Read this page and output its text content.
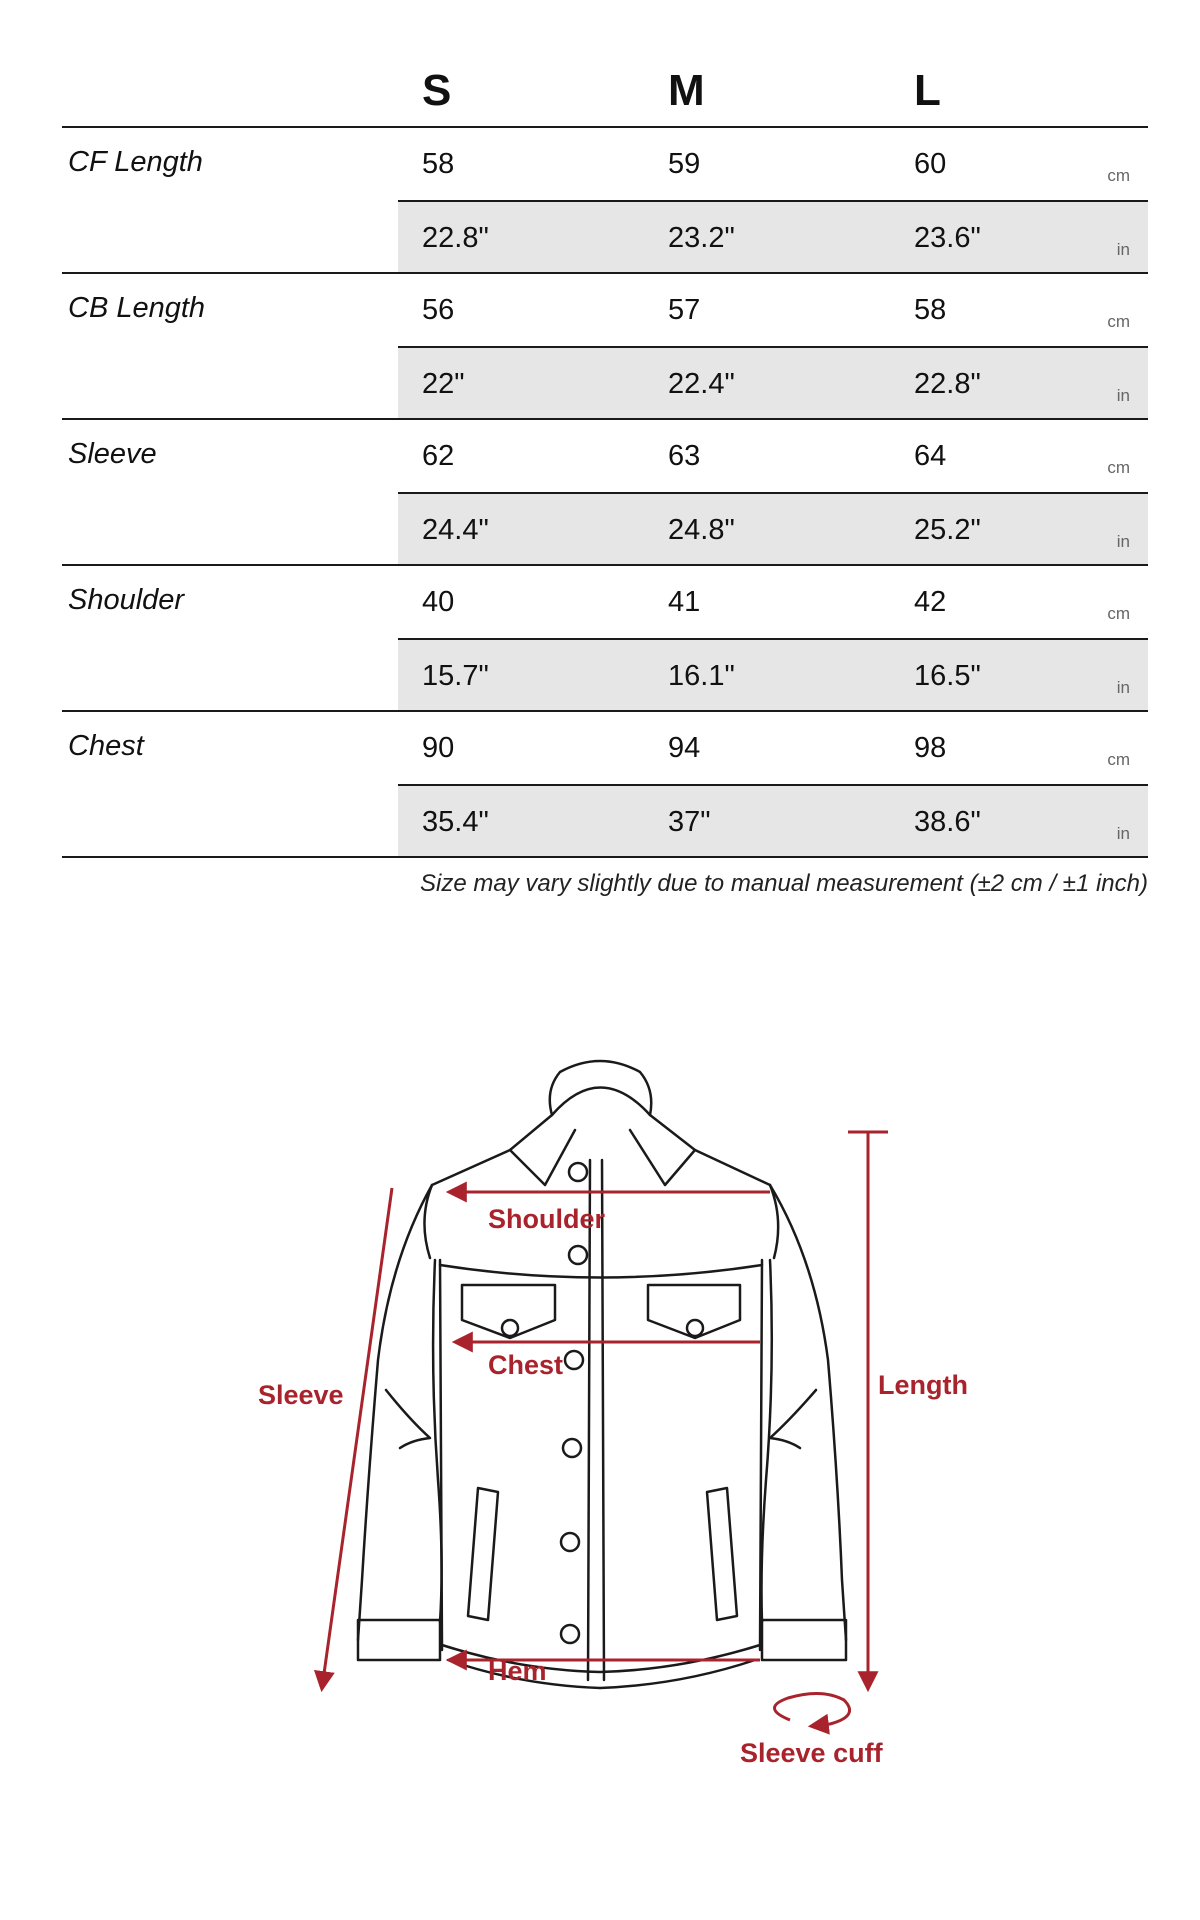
S	M	L
CF Length	58	59	60	cm
22.8"	23.2"	23.6"	in
CB Length	56	57	58	cm
22"	22.4"	22.8"	in
Sleeve	62	63	64	cm
24.4"	24.8"	25.2"	in
Shoulder	40	41	42	cm
15.7"	16.1"	16.5"	in
Chest	90	94	98	cm
35.4"	37"	38.6"	in
Size may vary slightly due to manual measurement (±2 cm / ±1 inch)
Shoulder
Chest
Sleeve	Length
Hem
Sleeve cuff
